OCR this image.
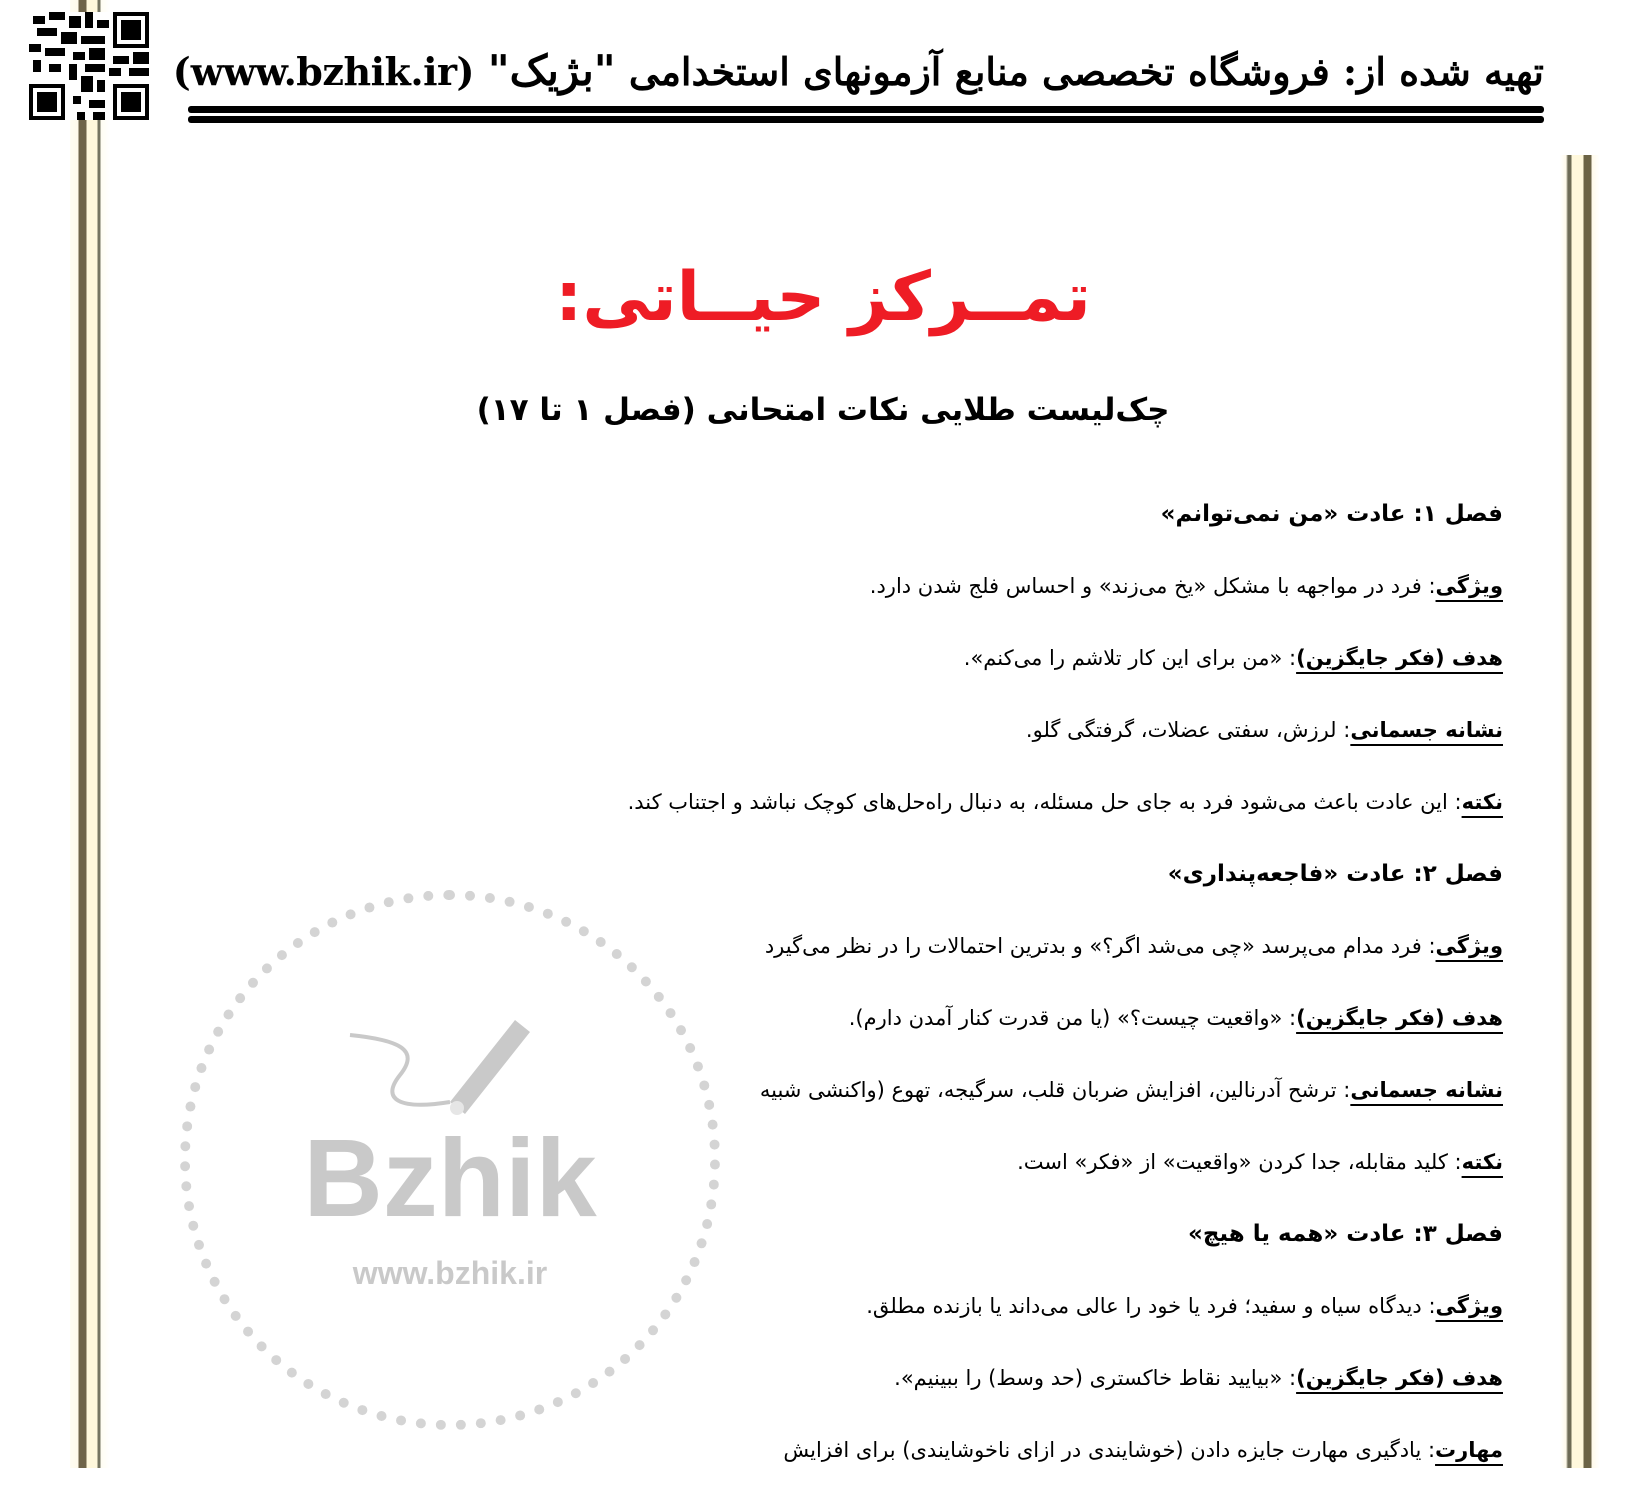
تهیه شده از: فروشگاه تخصصی منابع آزمونهای استخدامی "بژیک" (www.bzhik.ir)
Bzhik
www.bzhik.ir
تمــرکز حیــاتی:
چک‌لیست طلایی نکات امتحانی (فصل ۱ تا ۱۷)
فصل ۱: عادت «من نمی‌توانم»
ویژگی: فرد در مواجهه با مشکل «یخ می‌زند» و احساس فلج شدن دارد.
هدف (فکر جایگزین): «من برای این کار تلاشم را می‌کنم».
نشانه جسمانی: لرزش، سفتی عضلات، گرفتگی گلو.
نکته: این عادت باعث می‌شود فرد به جای حل مسئله، به دنبال راه‌حل‌های کوچک نباشد و اجتناب کند.
فصل ۲: عادت «فاجعه‌پنداری»
ویژگی: فرد مدام می‌پرسد «چی می‌شد اگر؟» و بدترین احتمالات را در نظر می‌گیرد
هدف (فکر جایگزین): «واقعیت چیست؟» (یا من قدرت کنار آمدن دارم).
نشانه جسمانی: ترشح آدرنالین، افزایش ضربان قلب، سرگیجه، تهوع (واکنشی شبیه
نکته: کلید مقابله، جدا کردن «واقعیت» از «فکر» است.
فصل ۳: عادت «همه یا هیچ»
ویژگی: دیدگاه سیاه و سفید؛ فرد یا خود را عالی می‌داند یا بازنده مطلق.
هدف (فکر جایگزین): «بیایید نقاط خاکستری (حد وسط) را ببینیم».
مهارت: یادگیری مهارت جایزه دادن (خوشایندی در ازای ناخوشایندی) برای افزایش
